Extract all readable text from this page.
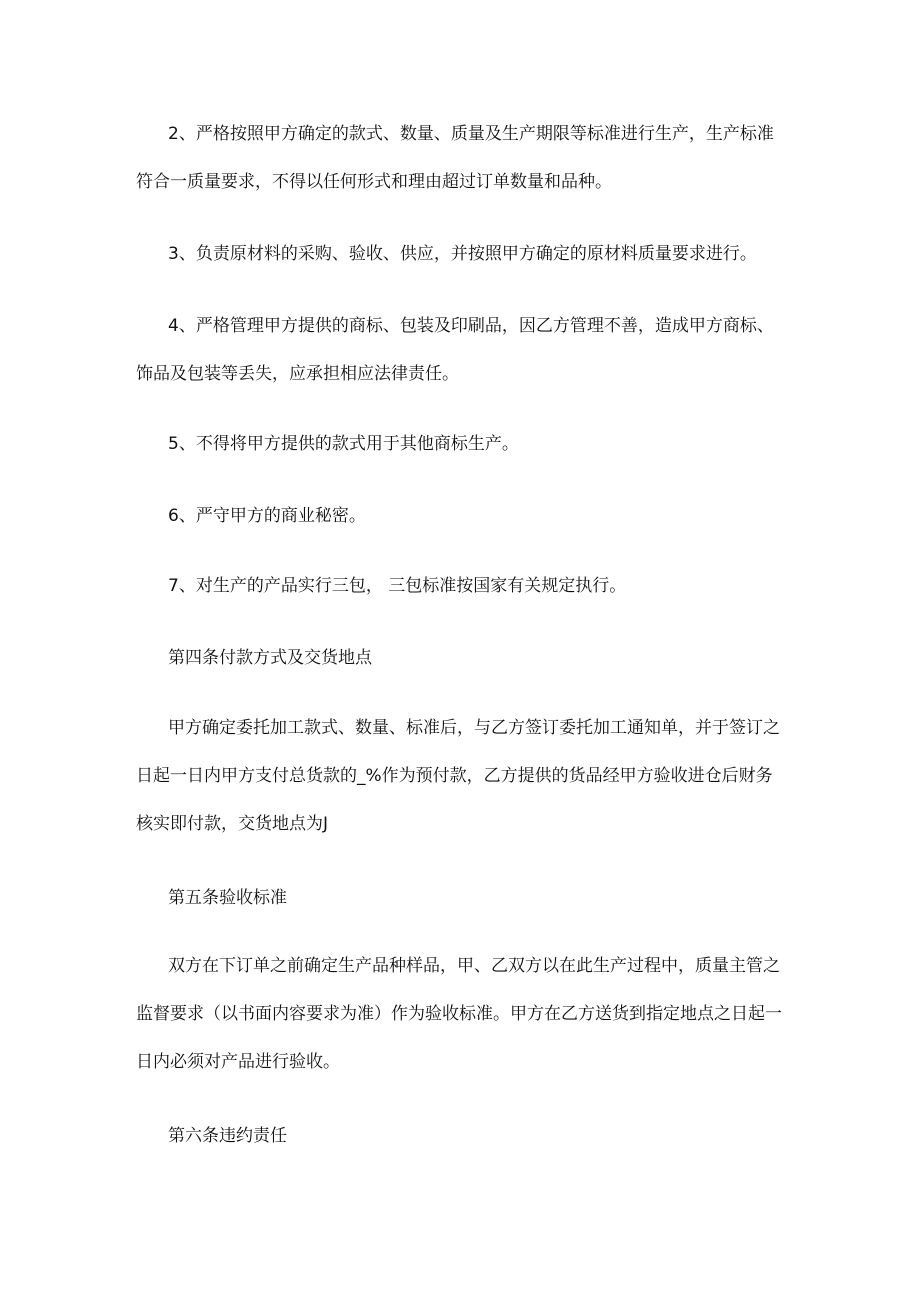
2、严格按照甲方确定的款式、数量、质量及生产期限等标准进行生产，生产标准符合一质量要求，不得以任何形式和理由超过订单数量和品种。

3、负责原材料的采购、验收、供应，并按照甲方确定的原材料质量要求进行。

4、严格管理甲方提供的商标、包装及印刷品，因乙方管理不善，造成甲方商标、饰品及包装等丢失，应承担相应法律责任。

5、不得将甲方提供的款式用于其他商标生产。

6、严守甲方的商业秘密。

7、对生产的产品实行三包， 三包标准按国家有关规定执行。

第四条付款方式及交货地点

甲方确定委托加工款式、数量、标准后，与乙方签订委托加工通知单，并于签订之日起一日内甲方支付总货款的_%作为预付款，乙方提供的货品经甲方验收进仓后财务核实即付款，交货地点为J

第五条验收标准

双方在下订单之前确定生产品种样品，甲、乙双方以在此生产过程中，质量主管之监督要求（以书面内容要求为准）作为验收标准。甲方在乙方送货到指定地点之日起一日内必须对产品进行验收。

第六条违约责任
